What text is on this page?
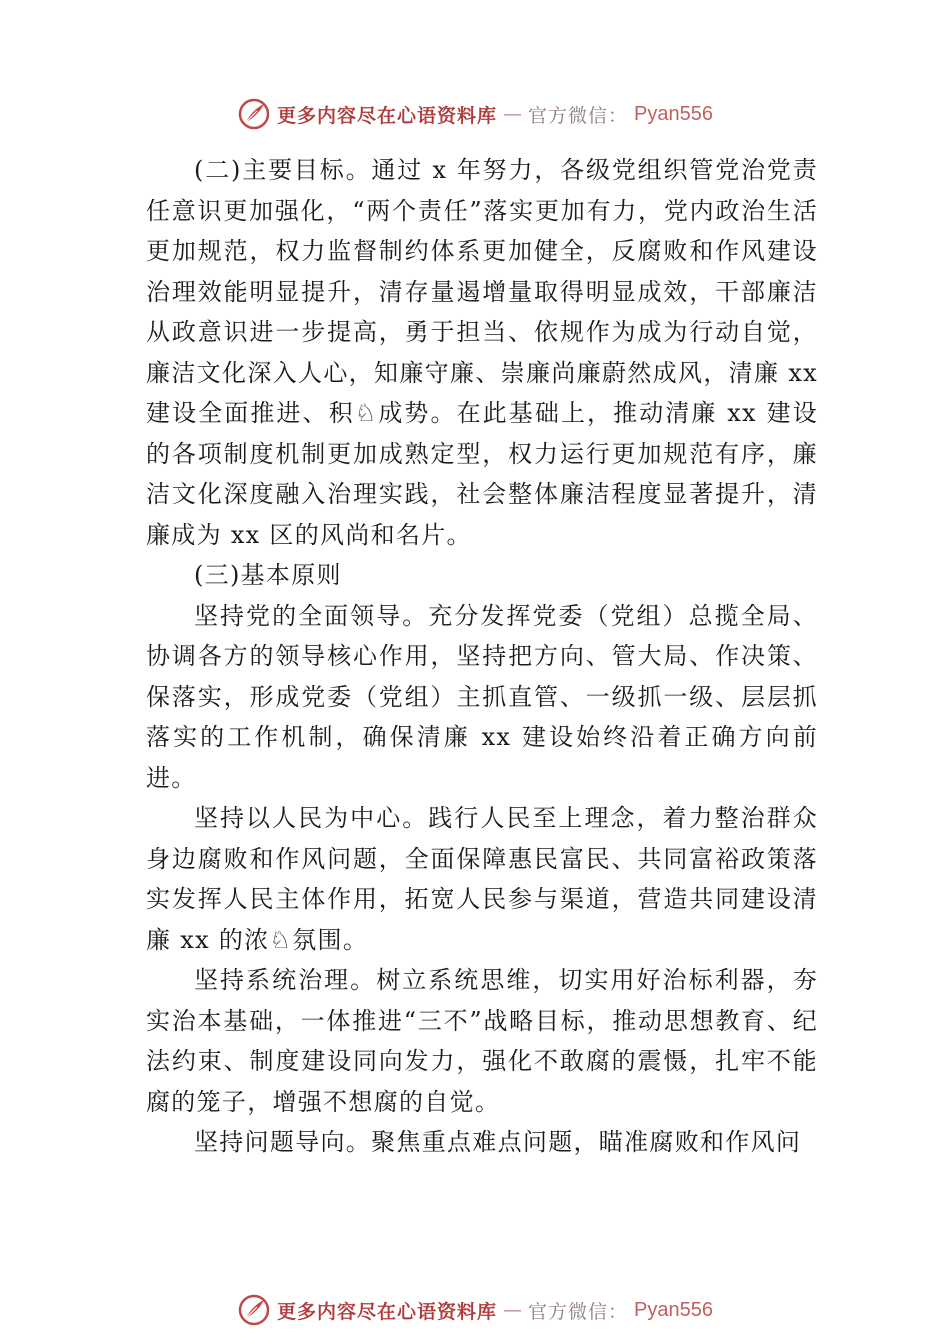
更多内容尽在心语资料库 — 官方微信： Pyan556

(二)主要目标。通过 x 年努力，各级党组织管党治党责任意识更加强化，“两个责任”落实更加有力，党内政治生活更加规范，权力监督制约体系更加健全，反腐败和作风建设治理效能明显提升，清存量遏增量取得明显成效，干部廉洁从政意识进一步提高，勇于担当、依规作为成为行动自觉， 廉洁文化深入人心，知廉守廉、崇廉尚廉蔚然成风，清廉 xx 建设全面推进、积♘成势。在此基础上，推动清廉 xx 建设的各项制度机制更加成熟定型，权力运行更加规范有序，廉洁文化深度融入治理实践，社会整体廉洁程度显著提升，清廉成为 xx 区的风尚和名片。

(三)基本原则

坚持党的全面领导。充分发挥党委（党组）总揽全局、协调各方的领导核心作用，坚持把方向、管大局、作决策、保落实，形成党委（党组）主抓直管、一级抓一级、层层抓落实的工作机制，确保清廉 xx 建设始终沿着正确方向前进。

坚持以人民为中心。践行人民至上理念，着力整治群众身边腐败和作风问题，全面保障惠民富民、共同富裕政策落实发挥人民主体作用，拓宽人民参与渠道，营造共同建设清廉 xx 的浓♘氛围。

坚持系统治理。树立系统思维，切实用好治标利器，夯实治本基础，一体推进“三不”战略目标，推动思想教育、纪法约束、制度建设同向发力，强化不敢腐的震慑，扎牢不能腐的笼子，增强不想腐的自觉。

坚持问题导向。聚焦重点难点问题，瞄准腐败和作风问

更多内容尽在心语资料库 — 官方微信： Pyan556
